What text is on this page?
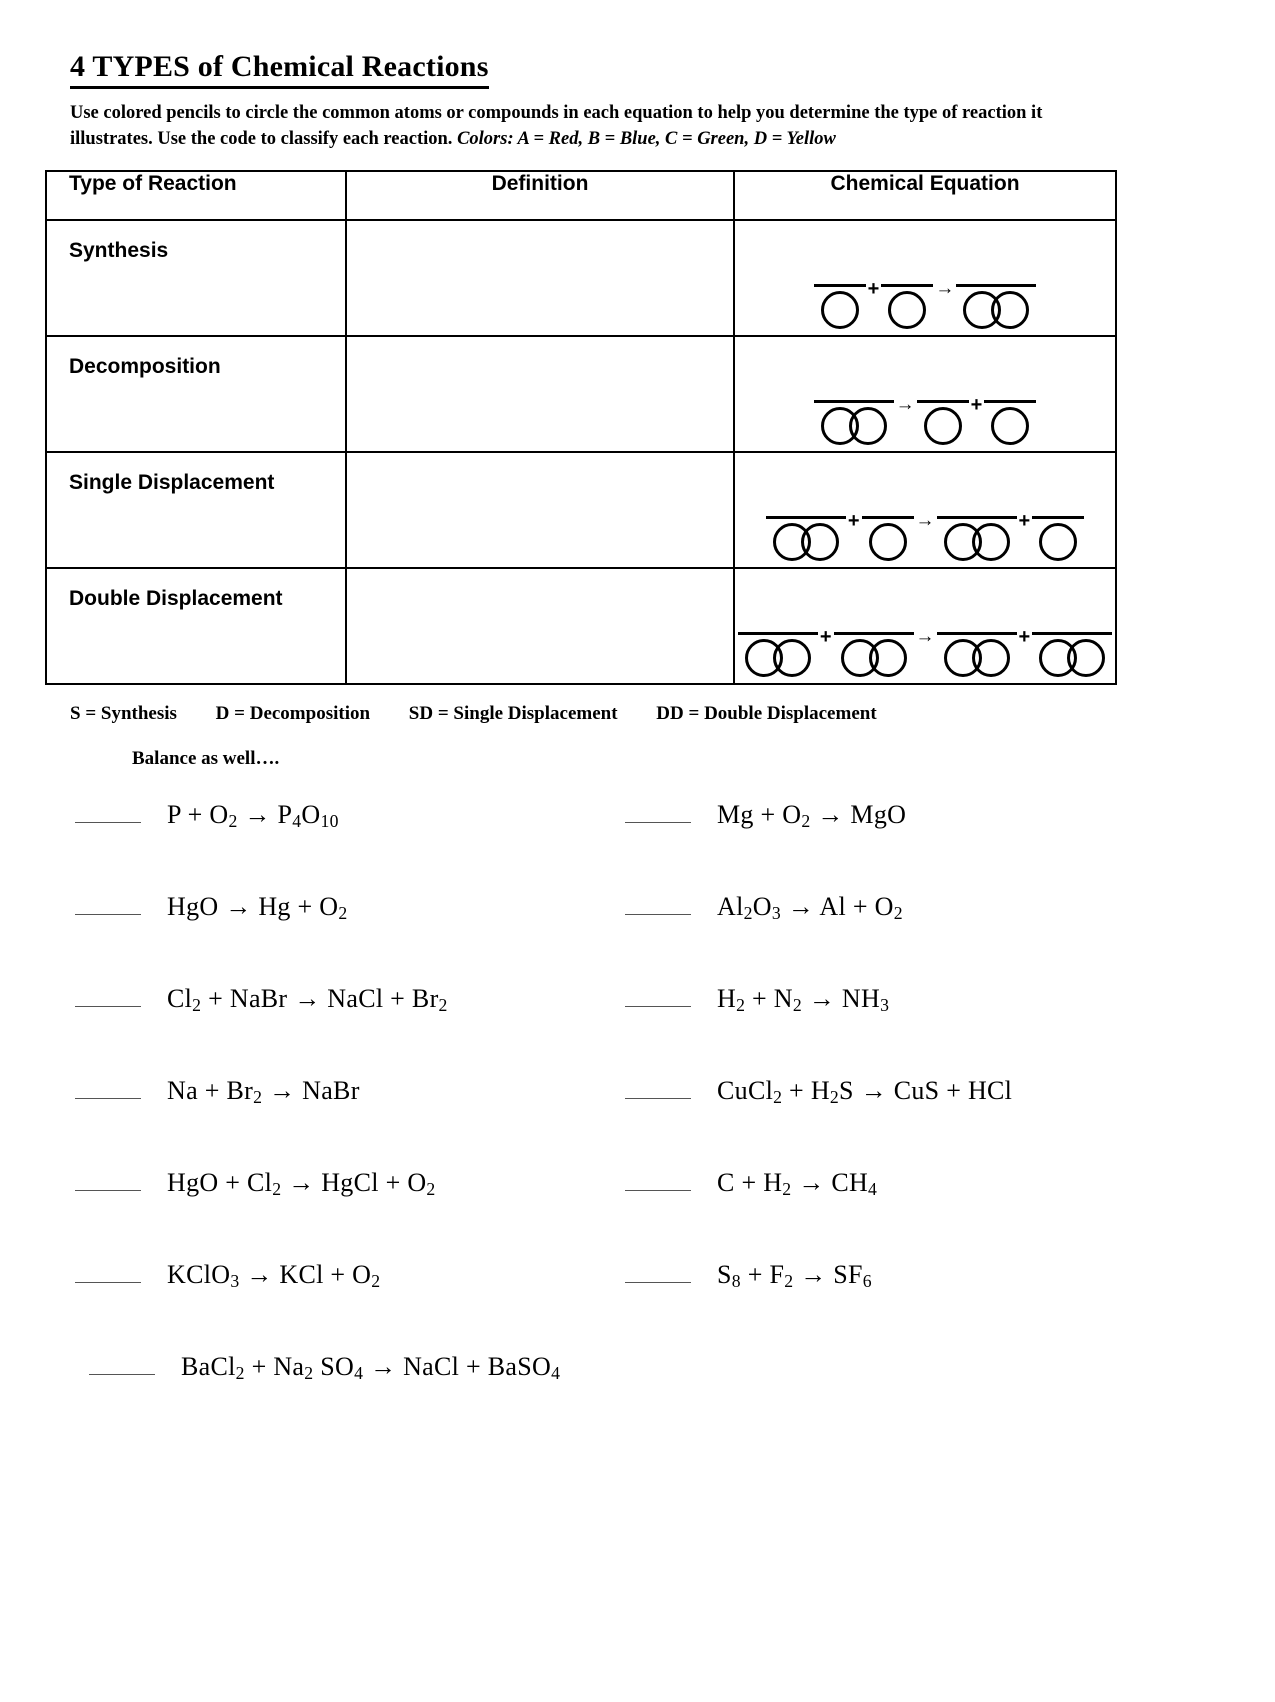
4 TYPES of Chemical Reactions
Use colored pencils to circle the common atoms or compounds in each equation to help you determine the type of reaction it illustrates. Use the code to classify each reaction. Colors: A = Red, B = Blue, C = Green, D = Yellow
Type of Reaction	Definition	Chemical Equation

Synthesis		+ →

Decomposition		→ +

Single Displacement		+ → +

Double Displacement		+ → +
S = Synthesis D = Decomposition SD = Single Displacement DD = Double Displacement
Balance as well….
$P + O_2 \to P_4O_{10}$
HgO → $Hg + O_2$
$Cl_2$ + NaBr → NaCl + $Br_2$
$Na + Br_2$ → NaBr
HgO + $Cl_2$ → HgCl + $O_2$
KClO$_3$ → KCl + $O_2$
BaCl$_2$ + $Na_2$ $SO_4$ → NaCl + BaSO$_4$
$Mg + O_2$ → MgO
$Al_2O_3 \to Al + O_2$
$H_2 + N_2 \to NH_3$
CuCl$_2$ + $H_2S$ → CuS + HCl
$C + H_2 \to CH_4$
$S_8 + F_2 \to SF_6$
